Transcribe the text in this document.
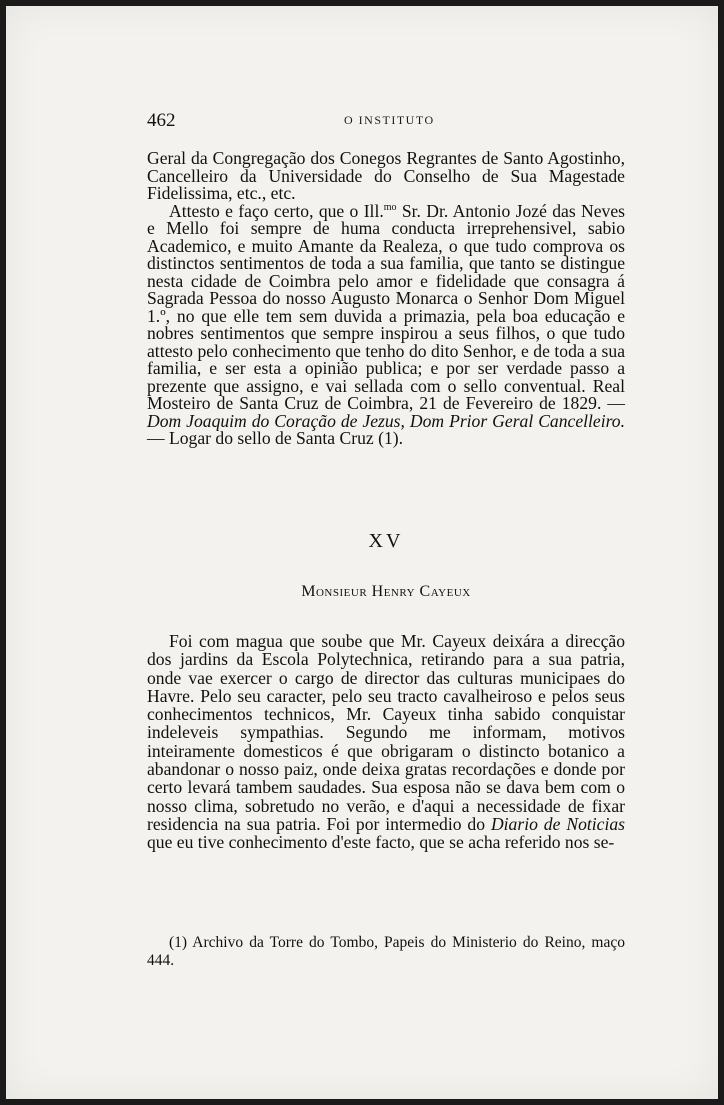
462	O INSTITUTO

Geral da Congregação dos Conegos Regrantes de Santo Agostinho, Cancelleiro da Universidade do Conselho de Sua Magestade Fidelissima, etc., etc.

Attesto e faço certo, que o Ill.$^{mo}$ Sr. Dr. Antonio Jozé das Neves e Mello foi sempre de huma conducta irreprehensivel, sabio Academico, e muito Amante da Realeza, o que tudo comprova os distinctos sentimentos de toda a sua familia, que tanto se distingue nesta cidade de Coimbra pelo amor e fidelidade que consagra á Sagrada Pessoa do nosso Augusto Monarca o Senhor Dom Miguel 1.º, no que elle tem sem duvida a primazia, pela boa educação e nobres sentimentos que sempre inspirou a seus filhos, o que tudo attesto pelo conhecimento que tenho do dito Senhor, e de toda a sua familia, e ser esta a opinião publica; e por ser verdade passo a prezente que assigno, e vai sellada com o sello conventual. Real Mosteiro de Santa Cruz de Coimbra, 21 de Fevereiro de 1829. — Dom Joaquim do Coração de Jezus, Dom Prior Geral Cancelleiro. — Logar do sello de Santa Cruz (1).

XV
Monsieur Henry Cayeux

Foi com magua que soube que Mr. Cayeux deixára a direcção dos jardins da Escola Polytechnica, retirando para a sua patria, onde vae exercer o cargo de director das culturas municipaes do Havre. Pelo seu caracter, pelo seu tracto cavalheiroso e pelos seus conhecimentos technicos, Mr. Cayeux tinha sabido conquistar indeleveis sympathias. Segundo me informam, motivos inteiramente domesticos é que obrigaram o distincto botanico a abandonar o nosso paiz, onde deixa gratas recordações e donde por certo levará tambem saudades. Sua esposa não se dava bem com o nosso clima, sobretudo no verão, e d'aqui a necessidade de fixar residencia na sua patria. Foi por intermedio do Diario de Noticias que eu tive conhecimento d'este facto, que se acha referido nos se-

(1) Archivo da Torre do Tombo, Papeis do Ministerio do Reino, maço 444.
